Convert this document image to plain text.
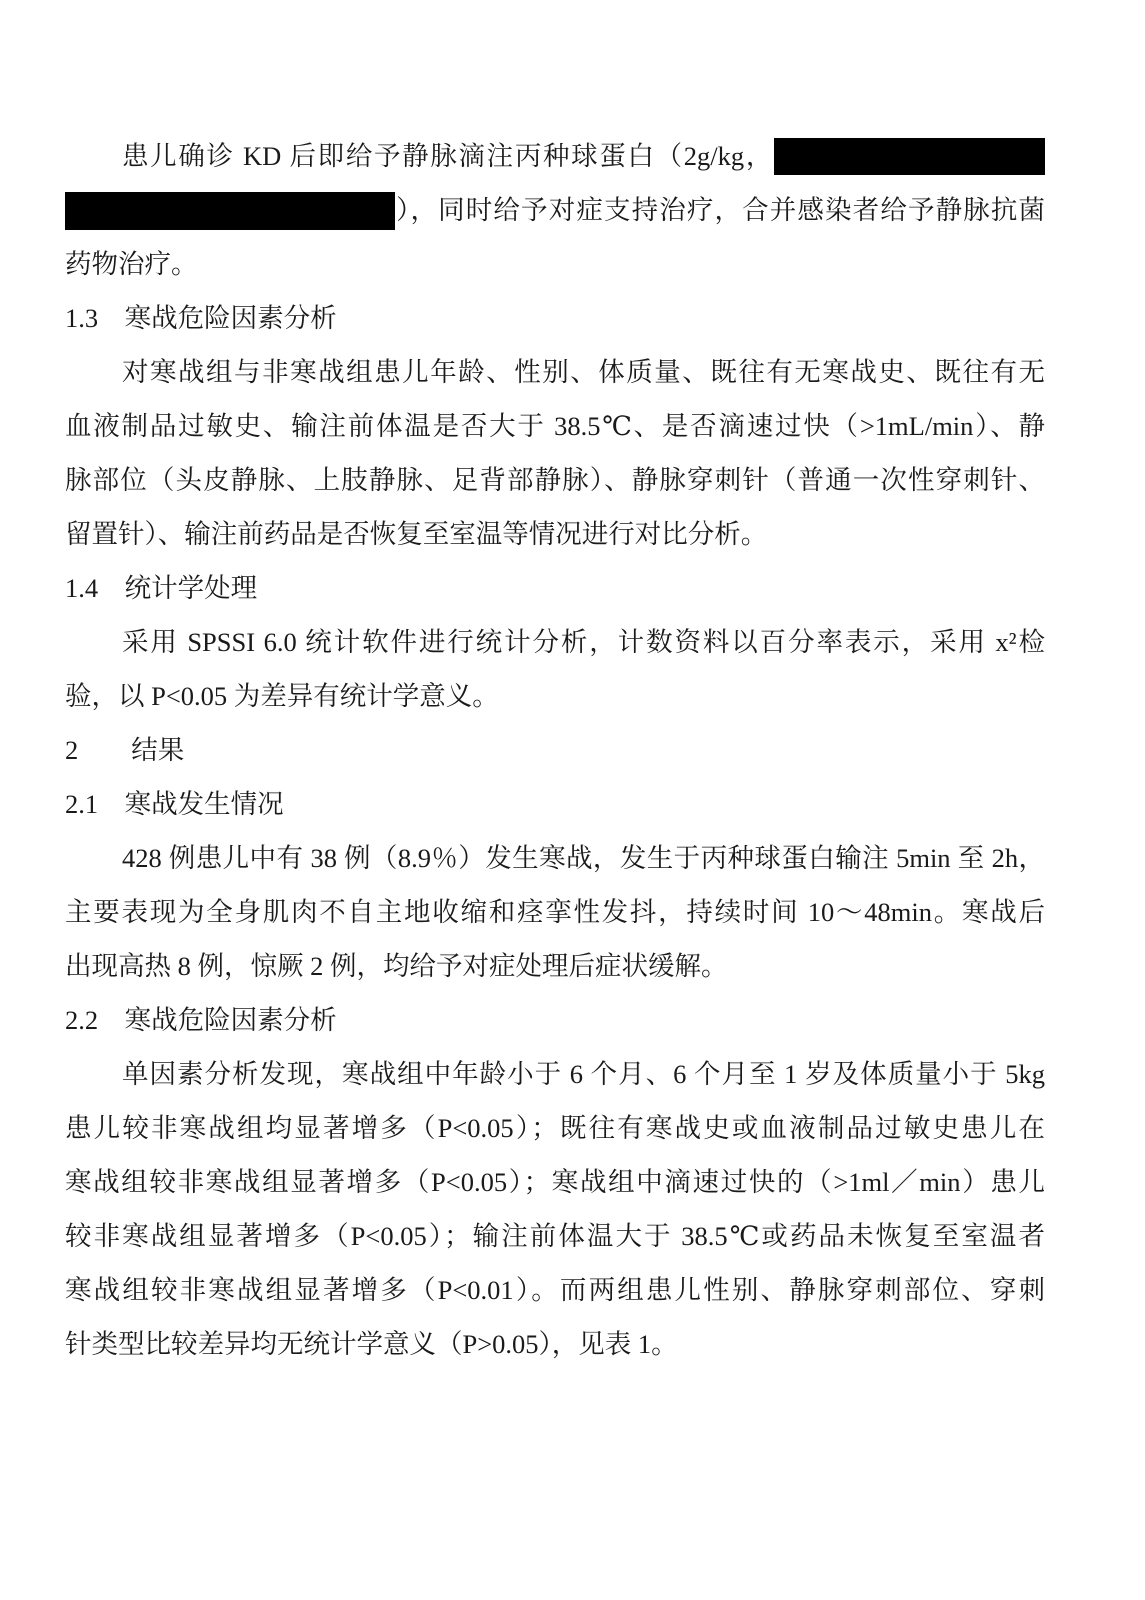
患儿确诊 KD 后即给予静脉滴注丙种球蛋白（2g/kg，
），同时给予对症支持治疗，合并感染者给予静脉抗菌
药物治疗。
1.3　寒战危险因素分析
对寒战组与非寒战组患儿年龄、性别、体质量、既往有无寒战史、既往有无
血液制品过敏史、输注前体温是否大于 38.5℃、是否滴速过快（>1mL/min）、静
脉部位（头皮静脉、上肢静脉、足背部静脉）、静脉穿刺针（普通一次性穿刺针、
留置针）、输注前药品是否恢复至室温等情况进行对比分析。
1.4　统计学处理
采用 SPSSI 6.0 统计软件进行统计分析，计数资料以百分率表示，采用 x²检
验，以 P<0.05 为差异有统计学意义。
2　　结果
2.1　寒战发生情况
428 例患儿中有 38 例（8.9％）发生寒战，发生于丙种球蛋白输注 5min 至 2h，
主要表现为全身肌肉不自主地收缩和痉挛性发抖，持续时间 10～48min。寒战后
出现高热 8 例，惊厥 2 例，均给予对症处理后症状缓解。
2.2　寒战危险因素分析
单因素分析发现，寒战组中年龄小于 6 个月、6 个月至 1 岁及体质量小于 5kg
患儿较非寒战组均显著增多（P<0.05）；既往有寒战史或血液制品过敏史患儿在
寒战组较非寒战组显著增多（P<0.05）；寒战组中滴速过快的（>1ml／min）患儿
较非寒战组显著增多（P<0.05）；输注前体温大于 38.5℃或药品未恢复至室温者
寒战组较非寒战组显著增多（P<0.01）。而两组患儿性别、静脉穿刺部位、穿刺
针类型比较差异均无统计学意义（P>0.05），见表 1。
